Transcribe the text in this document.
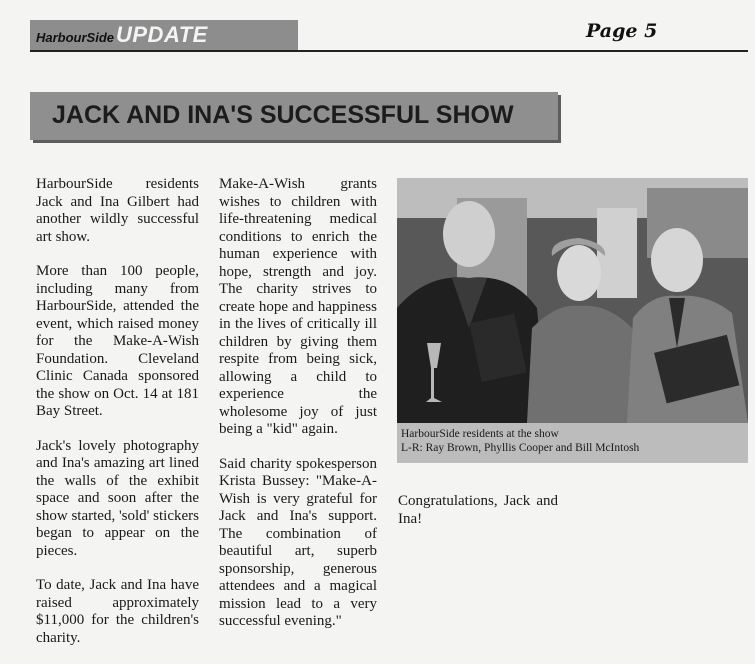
HarbourSide UPDATE	Page 5
JACK AND INA'S SUCCESSFUL SHOW

HarbourSide residents Jack and Ina Gilbert had another wildly successful art show.

More than 100 people, including many from HarbourSide, attended the event, which raised money for the Make-A-Wish Foundation. Cleveland Clinic Canada sponsored the show on Oct. 14 at 181 Bay Street.

Jack's lovely photography and Ina's amazing art lined the walls of the exhibit space and soon after the show started, 'sold' stickers began to appear on the pieces.

To date, Jack and Ina have raised approximately $11,000 for the children's charity.

Make-A-Wish grants wishes to children with life-threatening medical conditions to enrich the human experience with hope, strength and joy. The charity strives to create hope and happiness in the lives of critically ill children by giving them respite from being sick, allowing a child to experience the wholesome joy of just being a "kid" again.

Said charity spokesperson Krista Bussey: "Make-A-Wish is very grateful for Jack and Ina's support. The combination of beautiful art, superb sponsorship, generous attendees and a magical mission lead to a very successful evening."

Congratulations, Jack and Ina!

HarbourSide residents at the show
L-R: Ray Brown, Phyllis Cooper and Bill McIntosh
